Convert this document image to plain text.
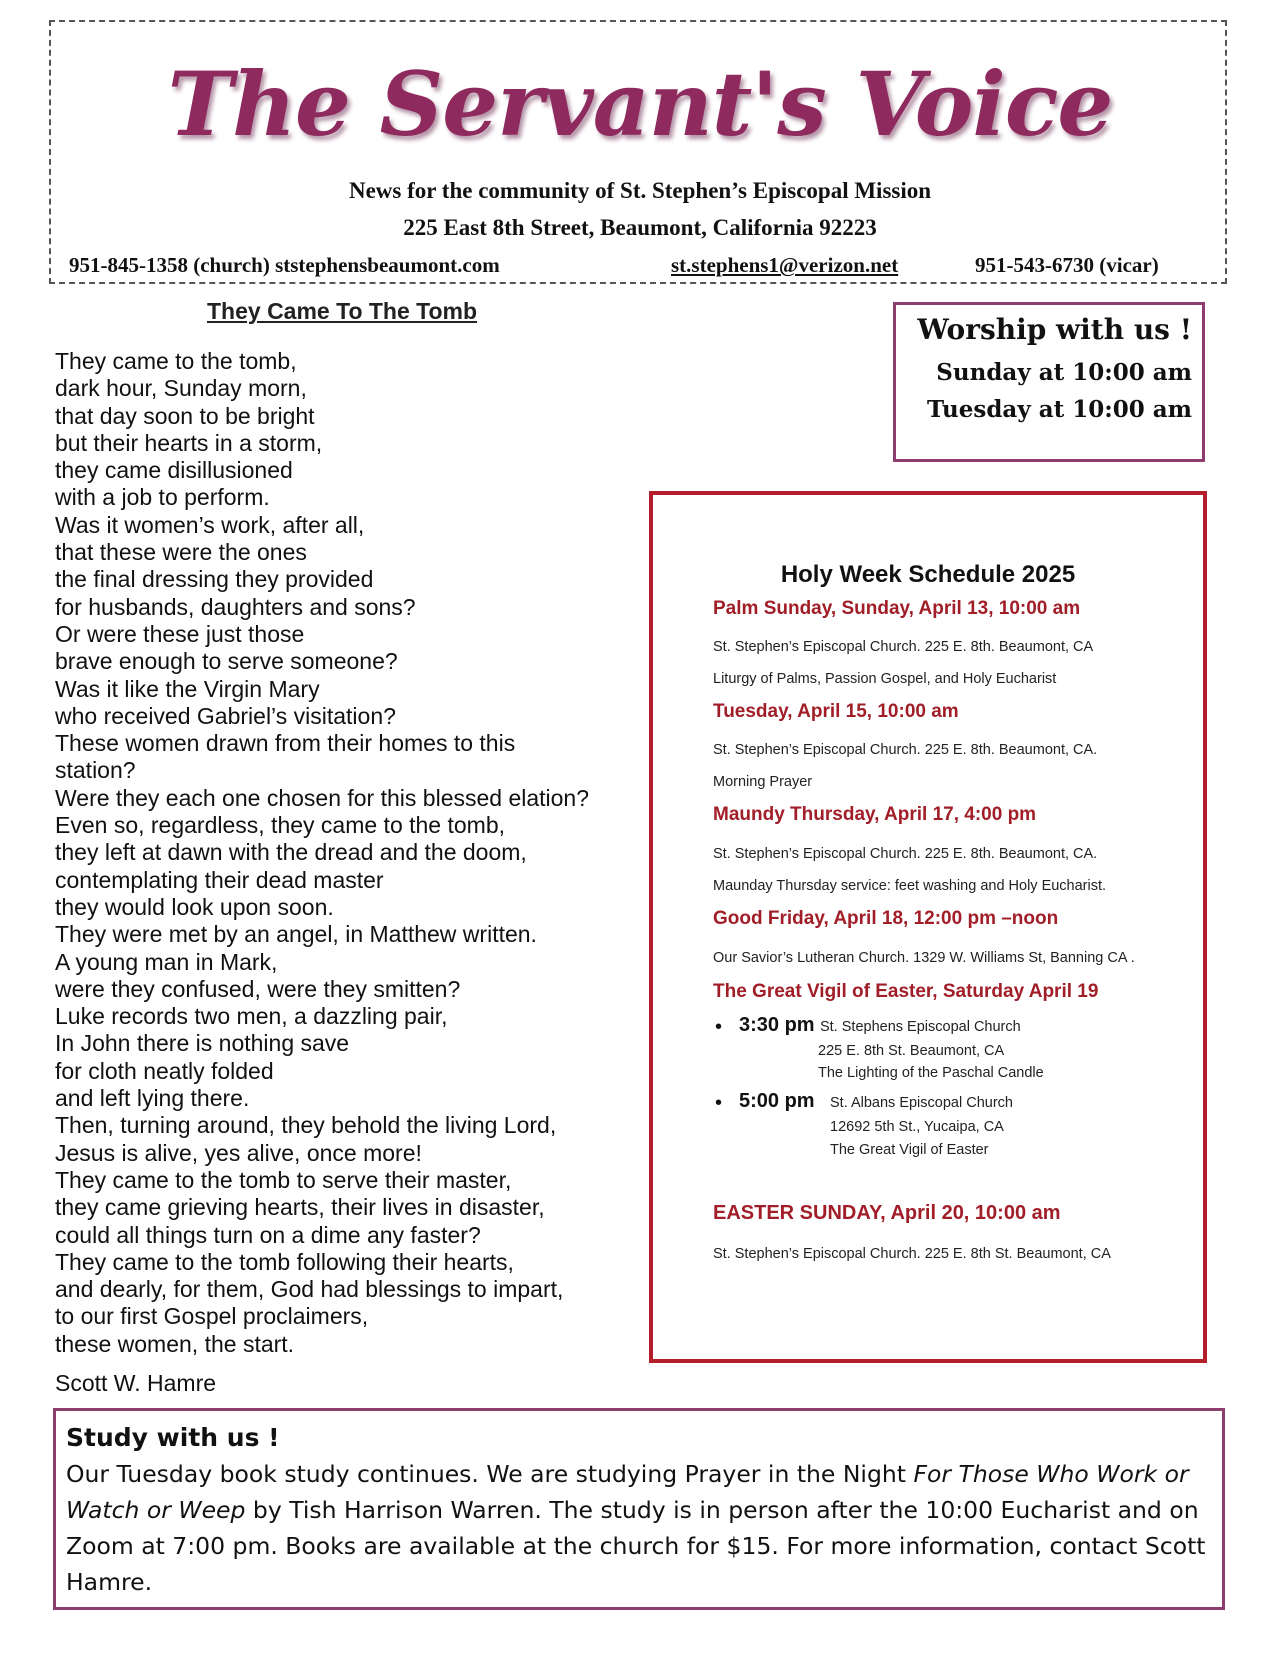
The Servant's Voice
News for the community of St. Stephen’s Episcopal Mission
225 East 8th Street, Beaumont, California 92223
951-845-1358 (church) ststephensbeaumont.com	st.stephens1@verizon.net	951-543-6730 (vicar)
They Came To The Tomb
They came to the tomb,
dark hour, Sunday morn,
that day soon to be bright
but their hearts in a storm,
they came disillusioned
with a job to perform.
Was it women’s work, after all,
that these were the ones
the final dressing they provided
for husbands, daughters and sons?
Or were these just those
brave enough to serve someone?
Was it like the Virgin Mary
who received Gabriel’s visitation?
These women drawn from their homes to this
station?
Were they each one chosen for this blessed elation?
Even so, regardless, they came to the tomb,
they left at dawn with the dread and the doom,
contemplating their dead master
they would look upon soon.
They were met by an angel, in Matthew written.
A young man in Mark,
were they confused, were they smitten?
Luke records two men, a dazzling pair,
In John there is nothing save
for cloth neatly folded
and left lying there.
Then, turning around, they behold the living Lord,
Jesus is alive, yes alive, once more!
They came to the tomb to serve their master,
they came grieving hearts, their lives in disaster,
could all things turn on a dime any faster?
They came to the tomb following their hearts,
and dearly, for them, God had blessings to impart,
to our first Gospel proclaimers,
these women, the start.
Scott W. Hamre
Worship with us !
Sunday at 10:00 am
Tuesday at 10:00 am
Holy Week Schedule 2025
Palm Sunday, Sunday, April 13, 10:00 am
St. Stephen’s Episcopal Church. 225 E. 8th. Beaumont, CA
Liturgy of Palms, Passion Gospel, and Holy Eucharist
Tuesday, April 15, 10:00 am
St. Stephen’s Episcopal Church. 225 E. 8th. Beaumont, CA.
Morning Prayer
Maundy Thursday, April 17, 4:00 pm
St. Stephen’s Episcopal Church. 225 E. 8th. Beaumont, CA.
Maunday Thursday service: feet washing and Holy Eucharist.
Good Friday, April 18, 12:00 pm –noon
Our Savior’s Lutheran Church. 1329 W. Williams St, Banning CA .
The Great Vigil of Easter, Saturday April 19
• 3:30 pm St. Stephens Episcopal Church
225 E. 8th St. Beaumont, CA
The Lighting of the Paschal Candle
• 5:00 pm St. Albans Episcopal Church
12692 5th St., Yucaipa, CA
The Great Vigil of Easter
EASTER SUNDAY, April 20, 10:00 am
St. Stephen’s Episcopal Church. 225 E. 8th St. Beaumont, CA
Study with us !
Our Tuesday book study continues. We are studying Prayer in the Night For Those Who Work or Watch or Weep by Tish Harrison Warren. The study is in person after the 10:00 Eucharist and on Zoom at 7:00 pm. Books are available at the church for $15. For more information, contact Scott Hamre.
